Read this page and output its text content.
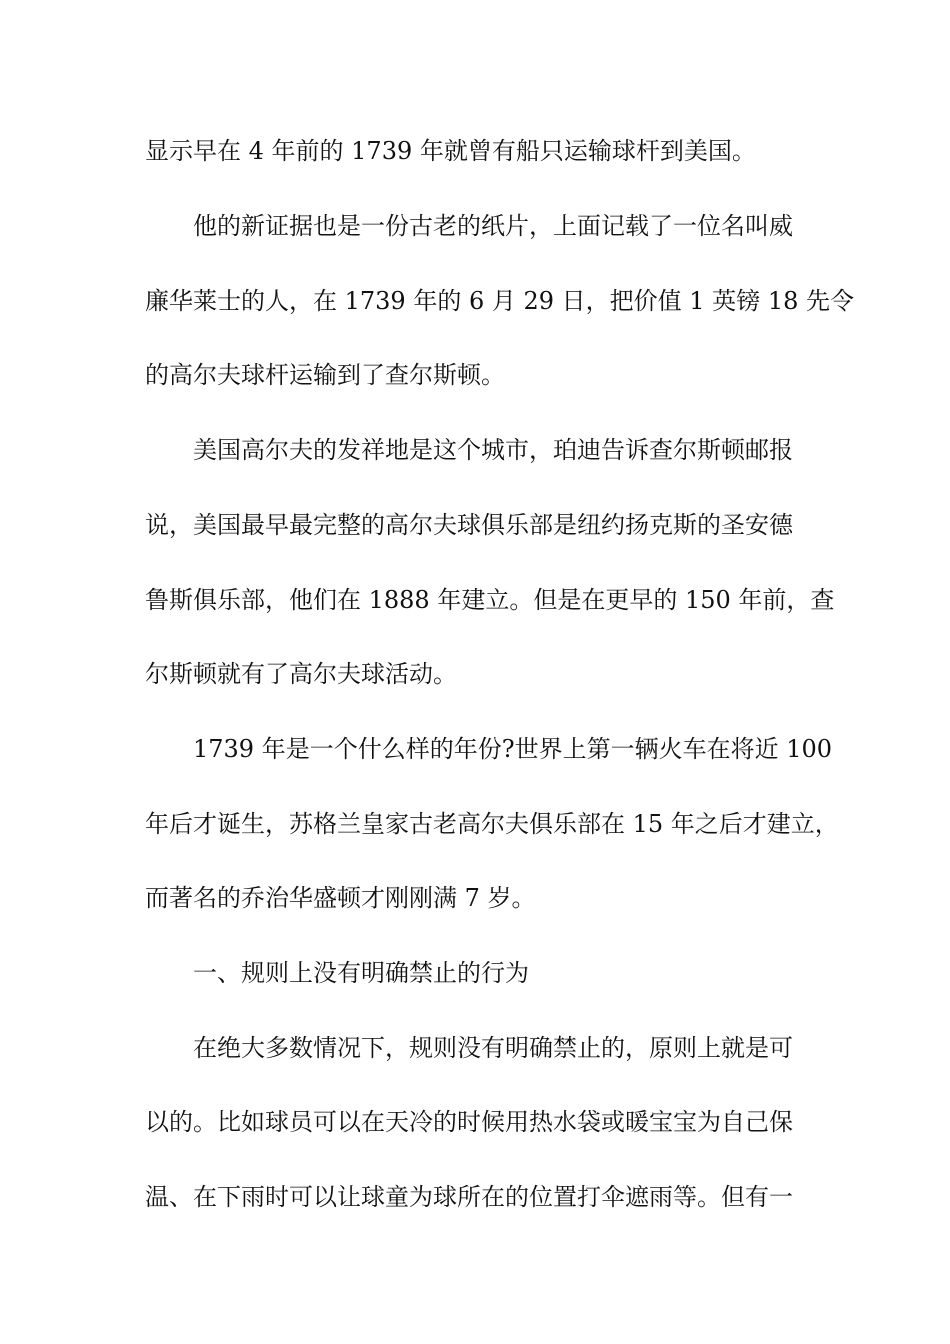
显示早在 4 年前的 1739 年就曾有船只运输球杆到美国。
他的新证据也是一份古老的纸片，上面记载了一位名叫威
廉华莱士的人，在 1739 年的 6 月 29 日，把价值 1 英镑 18 先令
的高尔夫球杆运输到了查尔斯顿。
美国高尔夫的发祥地是这个城市，珀迪告诉查尔斯顿邮报
说，美国最早最完整的高尔夫球俱乐部是纽约扬克斯的圣安德
鲁斯俱乐部，他们在 1888 年建立。但是在更早的 150 年前，查
尔斯顿就有了高尔夫球活动。
1739 年是一个什么样的年份?世界上第一辆火车在将近 100
年后才诞生，苏格兰皇家古老高尔夫俱乐部在 15 年之后才建立，
而著名的乔治华盛顿才刚刚满 7 岁。
一、规则上没有明确禁止的行为
在绝大多数情况下，规则没有明确禁止的，原则上就是可
以的。比如球员可以在天冷的时候用热水袋或暖宝宝为自己保
温、在下雨时可以让球童为球所在的位置打伞遮雨等。但有一
